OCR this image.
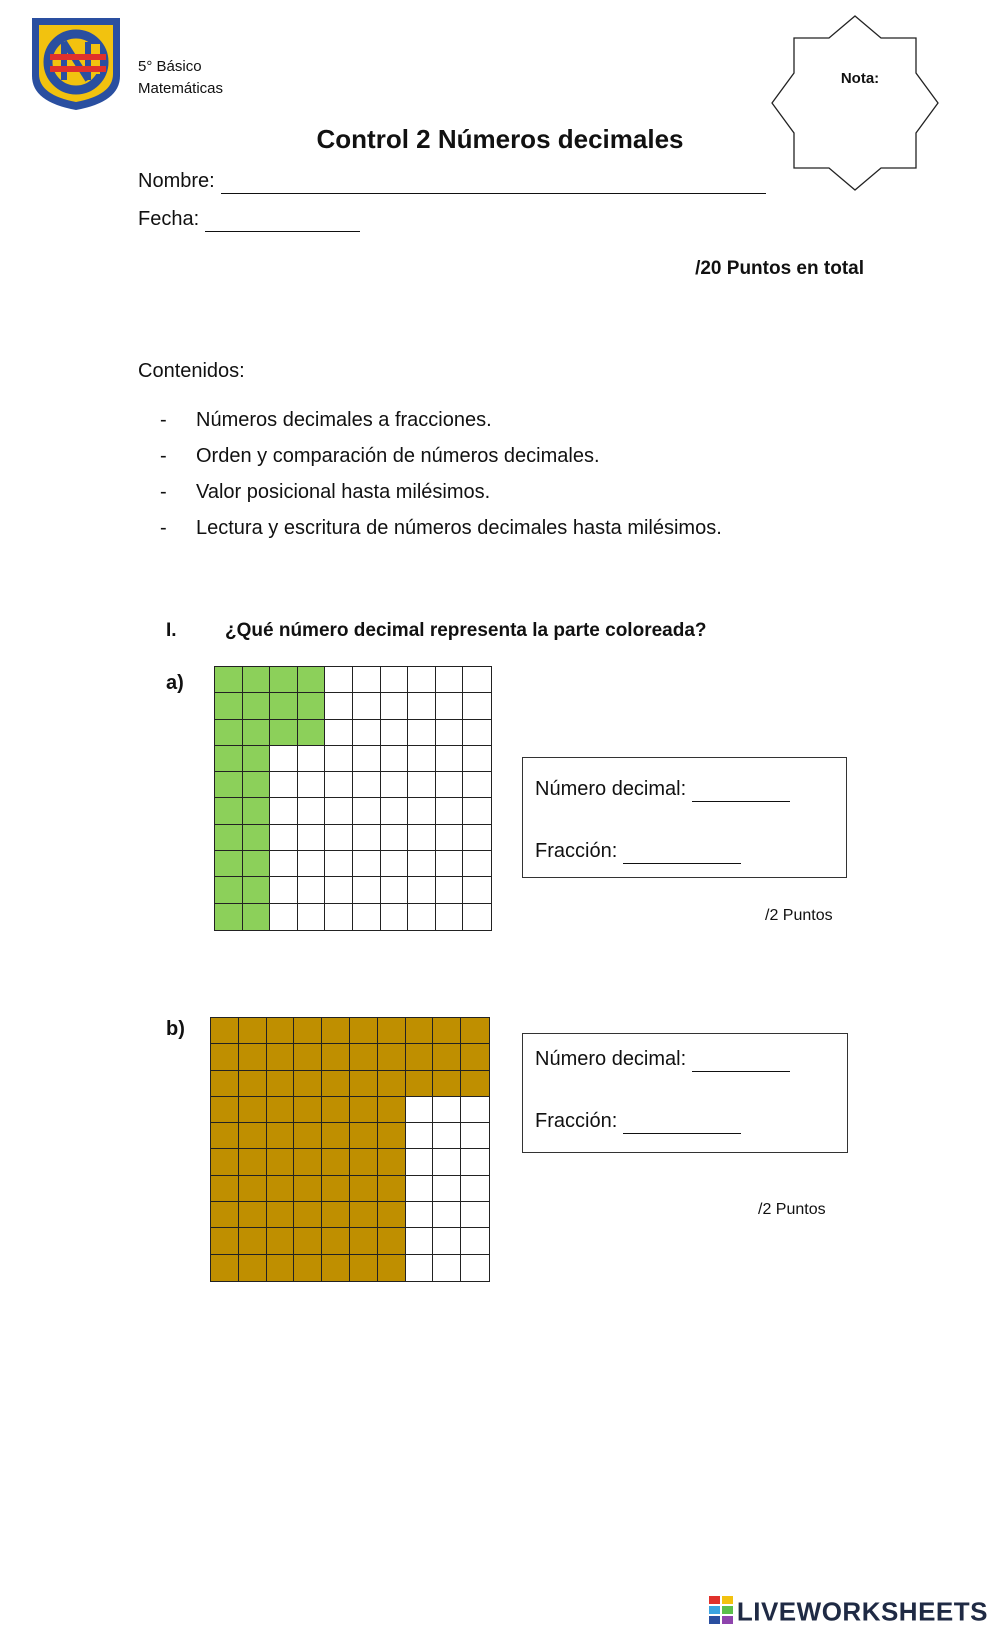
5° Básico
Matemáticas
Nota:
Control 2 Números decimales
Nombre:
Fecha:
/20 Puntos en total
Contenidos:
- Números decimales a fracciones.
- Orden y comparación de números decimales.
- Valor posicional hasta milésimos.
- Lectura y escritura de números decimales hasta milésimos.
I.	¿Qué número decimal representa la parte coloreada?
a)
Número decimal:
Fracción:
/2 Puntos
b)
Número decimal:
Fracción:
/2 Puntos
LIVEWORKSHEETS
